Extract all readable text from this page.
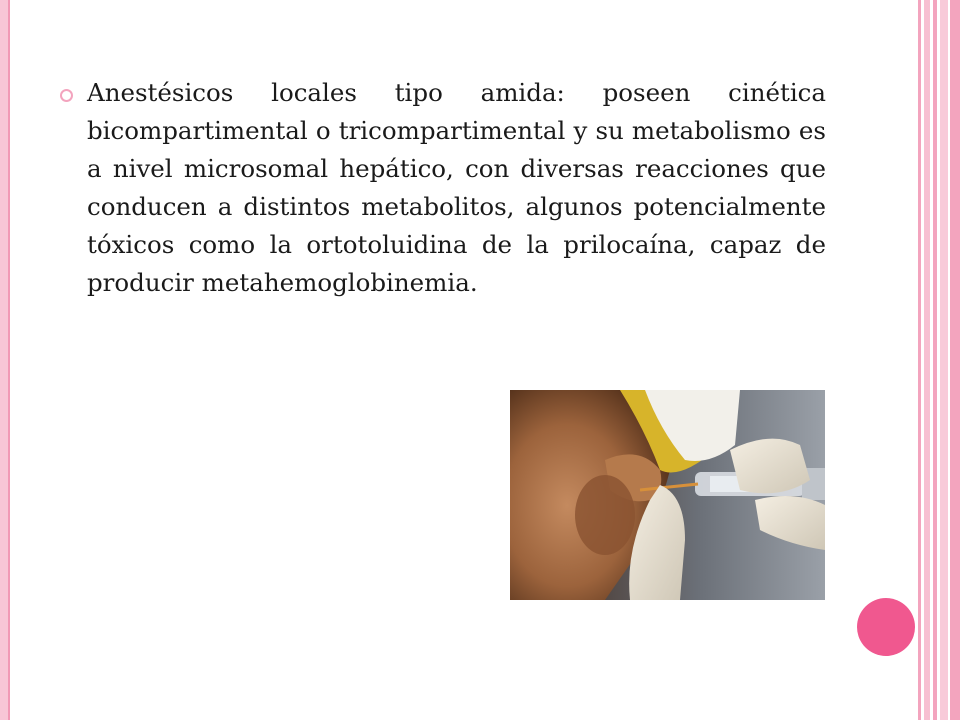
Anestésicos locales tipo amida: poseen cinética bicompartimental o tricompartimental y su metabolismo es a nivel microsomal hepático, con diversas reacciones que conducen a distintos metabolitos, algunos potencialmente tóxicos como la ortotoluidina de la prilocaína, capaz de producir metahemoglobinemia.
